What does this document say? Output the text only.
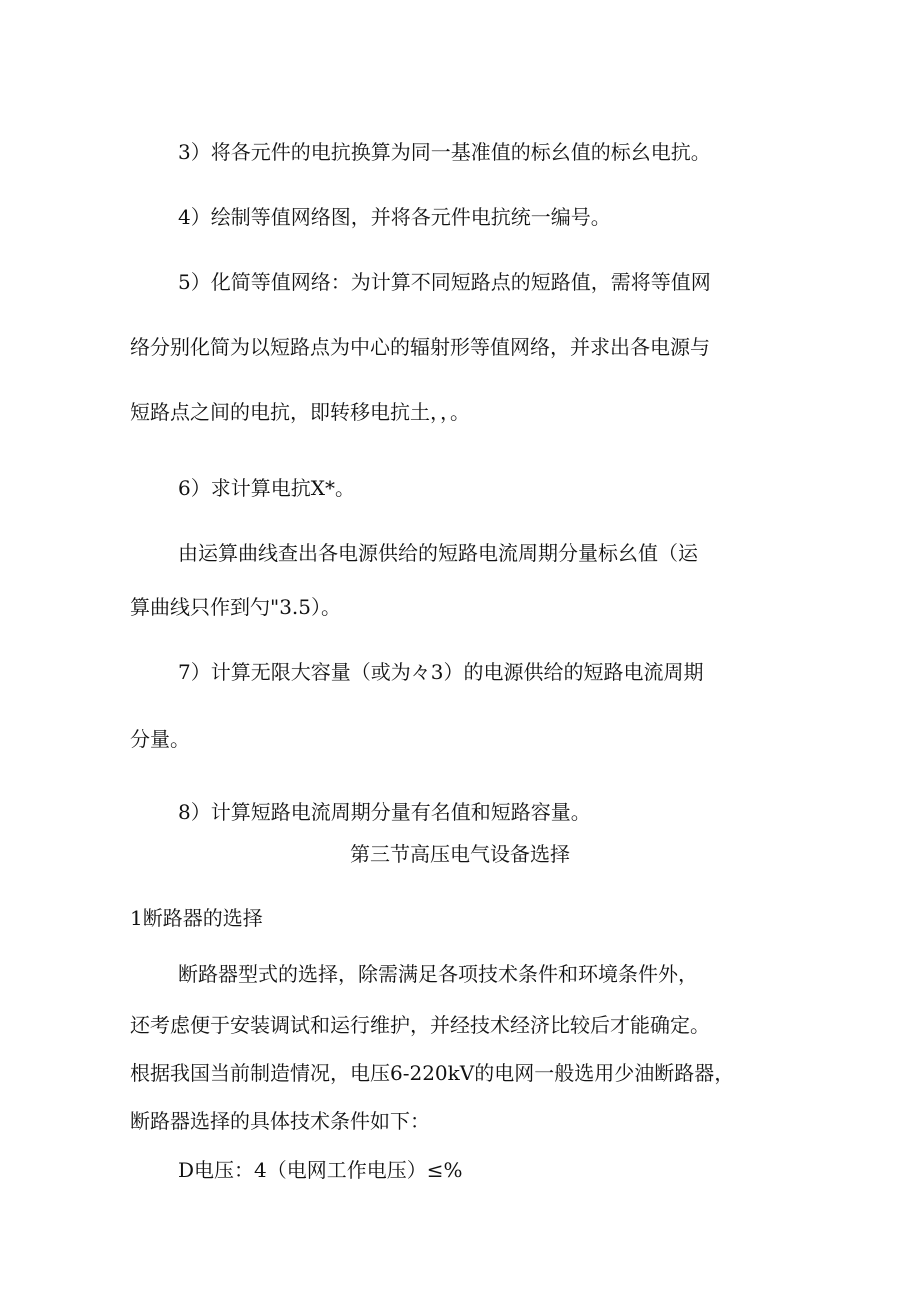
3）将各元件的电抗换算为同一基准值的标幺值的标幺电抗。
4）绘制等值网络图，并将各元件电抗统一编号。
5）化简等值网络：为计算不同短路点的短路值，需将等值网
络分别化简为以短路点为中心的辐射形等值网络，并求出各电源与
短路点之间的电抗，即转移电抗土，，。
6）求计算电抗X*。
由运算曲线查出各电源供给的短路电流周期分量标幺值（运
算曲线只作到勺"3.5）。
7）计算无限大容量（或为々3）的电源供给的短路电流周期
分量。
8）计算短路电流周期分量有名值和短路容量。
第三节高压电气设备选择
1断路器的选择
断路器型式的选择，除需满足各项技术条件和环境条件外，
还考虑便于安装调试和运行维护，并经技术经济比较后才能确定。
根据我国当前制造情况，电压6-220kV的电网一般选用少油断路器，
断路器选择的具体技术条件如下：
D电压：4（电网工作电压）≤%
